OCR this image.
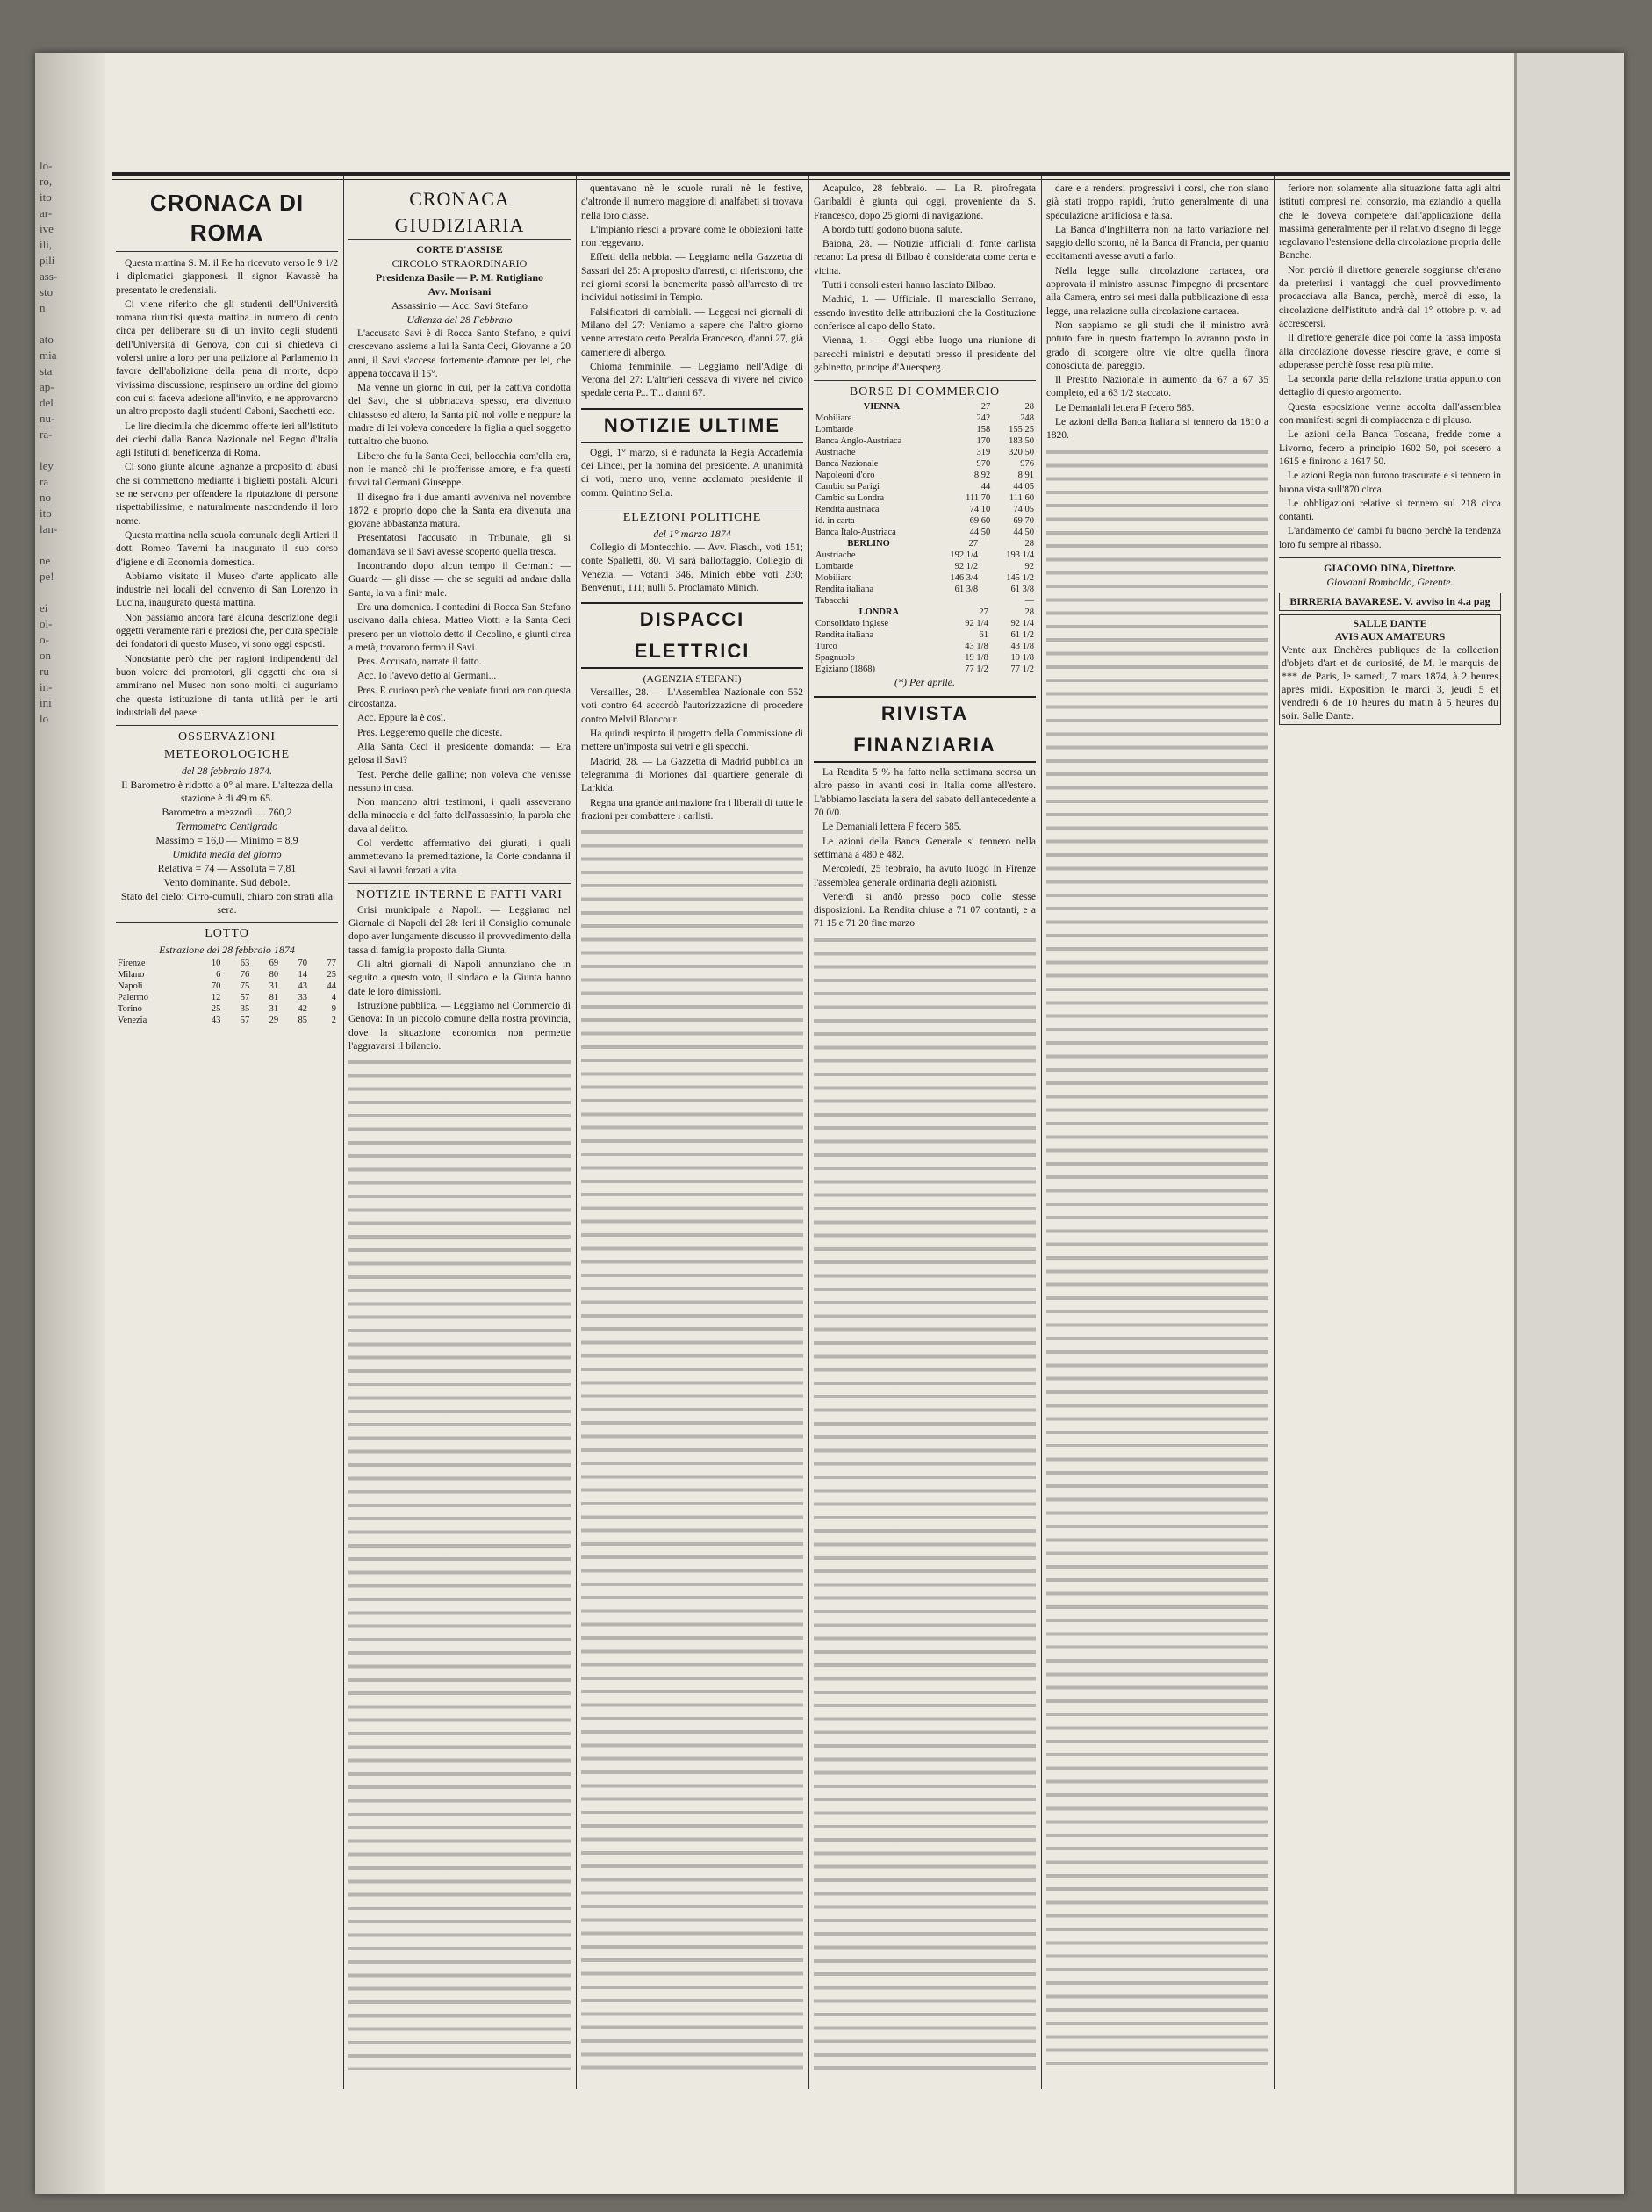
lo-
ro,
ito
ar-
ive
ili,
pili
ass-
sto
n
ato
mia
sta
ap-
del
nu-
ra-
ley
ra
no
ito
lan-
ne
pe!
ei
ol-
o-
on
ru
in-
ini
lo
CRONACA DI ROMA

Questa mattina S. M. il Re ha ricevuto verso le 9 1/2 i diplomatici giapponesi. Il signor Kavassè ha presentato le credenziali.

Ci viene riferito che gli studenti dell'Università romana riunitisi questa mattina in numero di cento circa per deliberare su di un invito degli studenti dell'Università di Genova, con cui si chiedeva di volersi unire a loro per una petizione al Parlamento in favore dell'abolizione della pena di morte, dopo vivissima discussione, respinsero un ordine del giorno con cui si faceva adesione all'invito, e ne approvarono un altro proposto dagli studenti Caboni, Sacchetti ecc.

Le lire diecimila che dicemmo offerte ieri all'Istituto dei ciechi dalla Banca Nazionale nel Regno d'Italia agli Istituti di beneficenza di Roma.

Ci sono giunte alcune lagnanze a proposito di abusi che si commettono mediante i biglietti postali. Alcuni se ne servono per offendere la riputazione di persone rispettabilissime, e naturalmente nascondendo il loro nome.

Questa mattina nella scuola comunale degli Artieri il dott. Romeo Taverni ha inaugurato il suo corso d'igiene e di Economia domestica.

Abbiamo visitato il Museo d'arte applicato alle industrie nei locali del convento di San Lorenzo in Lucina, inaugurato questa mattina.

Non passiamo ancora fare alcuna descrizione degli oggetti veramente rari e preziosi che, per cura speciale dei fondatori di questo Museo, vi sono oggi esposti.

Nonostante però che per ragioni indipendenti dal buon volere dei promotori, gli oggetti che ora si ammirano nel Museo non sono molti, ci auguriamo che questa istituzione di tanta utilità per le arti industriali del paese.

OSSERVAZIONI METEOROLOGICHE
del 28 febbraio 1874.
Il Barometro è ridotto a 0° al mare. L'altezza della stazione è di 49,m 65.
Barometro a mezzodì .... 760,2
Termometro Centigrado
Massimo = 16,0 — Minimo = 8,9
Umidità media del giorno
Relativa = 74 — Assoluta = 7,81
Vento dominante. Sud debole.
Stato del cielo: Cirro-cumuli, chiaro con strati alla sera.
LOTTO
Estrazione del 28 febbraio 1874
Firenze	10	63	69	70	77
Milano	6	76	80	14	25
Napoli	70	75	31	43	44
Palermo	12	57	81	33	4
Torino	25	35	31	42	9
Venezia	43	57	29	85	2
CRONACA GIUDIZIARIA
CORTE D'ASSISE
CIRCOLO STRAORDINARIO
Presidenza Basile — P. M. Rutigliano
Avv. Morisani
Assassinio — Acc. Savi Stefano
Udienza del 28 Febbraio

L'accusato Savi è di Rocca Santo Stefano, e quivi crescevano assieme a lui la Santa Ceci, Giovanne a 20 anni, il Savi s'accese fortemente d'amore per lei, che appena toccava il 15°.

Ma venne un giorno in cui, per la cattiva condotta del Savi, che si ubbriacava spesso, era divenuto chiassoso ed altero, la Santa più nol volle e neppure la madre di lei voleva concedere la figlia a quel soggetto tutt'altro che buono.

Libero che fu la Santa Ceci, bellocchia com'ella era, non le mancò chi le profferisse amore, e fra questi fuvvi tal Germani Giuseppe.

Il disegno fra i due amanti avveniva nel novembre 1872 e proprio dopo che la Santa era divenuta una giovane abbastanza matura.

Presentatosi l'accusato in Tribunale, gli si domandava se il Savi avesse scoperto quella tresca.

Incontrando dopo alcun tempo il Germani: — Guarda — gli disse — che se seguiti ad andare dalla Santa, la va a finir male.

Era una domenica. I contadini di Rocca San Stefano uscivano dalla chiesa. Matteo Viotti e la Santa Ceci presero per un viottolo detto il Cecolino, e giunti circa a metà, trovarono fermo il Savi.

Pres. Accusato, narrate il fatto.

Acc. Io l'avevo detto al Germani...

Pres. E curioso però che veniate fuori ora con questa circostanza.

Acc. Eppure la è così.

Pres. Leggeremo quelle che diceste.

Alla Santa Ceci il presidente domanda: — Era gelosa il Savi?

Test. Perchè delle galline; non voleva che venisse nessuno in casa.

Non mancano altri testimoni, i quali asseverano della minaccia e del fatto dell'assassinio, la parola che dava al delitto.

Col verdetto affermativo dei giurati, i quali ammettevano la premeditazione, la Corte condanna il Savi ai lavori forzati a vita.

NOTIZIE INTERNE E FATTI VARI

Crisi municipale a Napoli. — Leggiamo nel Giornale di Napoli del 28: Ieri il Consiglio comunale dopo aver lungamente discusso il provvedimento della tassa di famiglia proposto dalla Giunta.

Gli altri giornali di Napoli annunziano che in seguito a questo voto, il sindaco e la Giunta hanno date le loro dimissioni.

Istruzione pubblica. — Leggiamo nel Commercio di Genova: In un piccolo comune della nostra provincia, dove la situazione economica non permette l'aggravarsi il bilancio.

quentavano nè le scuole rurali nè le festive, d'altronde il numero maggiore di analfabeti si trovava nella loro classe.

L'impianto riescì a provare come le obbiezioni fatte non reggevano.

Effetti della nebbia. — Leggiamo nella Gazzetta di Sassari del 25: A proposito d'arresti, ci riferiscono, che nei giorni scorsi la benemerita passò all'arresto di tre individui notissimi in Tempio.

Falsificatori di cambiali. — Leggesi nei giornali di Milano del 27: Veniamo a sapere che l'altro giorno venne arrestato certo Peralda Francesco, d'anni 27, già cameriere di albergo.

Chioma femminile. — Leggiamo nell'Adige di Verona del 27: L'altr'ieri cessava di vivere nel civico spedale certa P... T... d'anni 67.

NOTIZIE ULTIME

Oggi, 1° marzo, si è radunata la Regia Accademia dei Lincei, per la nomina del presidente. A unanimità di voti, meno uno, venne acclamato presidente il comm. Quintino Sella.

ELEZIONI POLITICHE
del 1° marzo 1874

Collegio di Montecchio. — Avv. Fiaschi, voti 151; conte Spalletti, 80. Vi sarà ballottaggio. Collegio di Venezia. — Votanti 346. Minich ebbe voti 230; Benvenuti, 111; nulli 5. Proclamato Minich.

DISPACCI ELETTRICI
(AGENZIA STEFANI)

Versailles, 28. — L'Assemblea Nazionale con 552 voti contro 64 accordò l'autorizzazione di procedere contro Melvil Bloncour.

Ha quindi respinto il progetto della Commissione di mettere un'imposta sui vetri e gli specchi.

Madrid, 28. — La Gazzetta di Madrid pubblica un telegramma di Moriones dal quartiere generale di Larkida.

Regna una grande animazione fra i liberali di tutte le frazioni per combattere i carlisti.

Acapulco, 28 febbraio. — La R. pirofregata Garibaldi è giunta qui oggi, proveniente da S. Francesco, dopo 25 giorni di navigazione.

A bordo tutti godono buona salute.

Baiona, 28. — Notizie ufficiali di fonte carlista recano: La presa di Bilbao è considerata come certa e vicina.

Tutti i consoli esteri hanno lasciato Bilbao.

Madrid, 1. — Ufficiale. Il maresciallo Serrano, essendo investito delle attribuzioni che la Costituzione conferisce al capo dello Stato.

Vienna, 1. — Oggi ebbe luogo una riunione di parecchi ministri e deputati presso il presidente del gabinetto, principe d'Auersperg.

BORSE DI COMMERCIO
VIENNA	27	28
Mobiliare	242	248
Lombarde	158	155 25
Banca Anglo-Austriaca	170	183 50
Austriache	319	320 50
Banca Nazionale	970	976
Napoleoni d'oro	8 92	8 91
Cambio su Parigi	44	44 05
Cambio su Londra	111 70	111 60
Rendita austriaca	74 10	74 05
id. in carta	69 60	69 70
Banca Italo-Austriaca	44 50	44 50
BERLINO	27	28
Austriache	192 1/4	193 1/4
Lombarde	92 1/2	92
Mobiliare	146 3/4	145 1/2
Rendita italiana	61 3/8	61 3/8
Tabacchi		—
LONDRA	27	28
Consolidato inglese	92 1/4	92 1/4
Rendita italiana	61	61 1/2
Turco	43 1/8	43 1/8
Spagnuolo	19 1/8	19 1/8
Egiziano (1868)	77 1/2	77 1/2
(*) Per aprile.
RIVISTA FINANZIARIA

La Rendita 5 % ha fatto nella settimana scorsa un altro passo in avanti così in Italia come all'estero. L'abbiamo lasciata la sera del sabato dell'antecedente a 70 0/0.

Le Demaniali lettera F fecero 585.

Le azioni della Banca Generale si tennero nella settimana a 480 e 482.

Mercoledì, 25 febbraio, ha avuto luogo in Firenze l'assemblea generale ordinaria degli azionisti.

Venerdì si andò presso poco colle stesse disposizioni. La Rendita chiuse a 71 07 contanti, e a 71 15 e 71 20 fine marzo.

dare e a rendersi progressivi i corsi, che non siano già stati troppo rapidi, frutto generalmente di una speculazione artificiosa e falsa.

La Banca d'Inghilterra non ha fatto variazione nel saggio dello sconto, nè la Banca di Francia, per quanto eccitamenti avesse avuti a farlo.

Nella legge sulla circolazione cartacea, ora approvata il ministro assunse l'impegno di presentare alla Camera, entro sei mesi dalla pubblicazione di essa legge, una relazione sulla circolazione cartacea.

Non sappiamo se gli studi che il ministro avrà potuto fare in questo frattempo lo avranno posto in grado di scorgere oltre vie oltre quella finora conosciuta del pareggio.

Il Prestito Nazionale in aumento da 67 a 67 35 completo, ed a 63 1/2 staccato.

Le Demaniali lettera F fecero 585.

Le azioni della Banca Italiana si tennero da 1810 a 1820.

feriore non solamente alla situazione fatta agli altri istituti compresi nel consorzio, ma eziandio a quella che le doveva competere dall'applicazione della massima generalmente per il relativo disegno di legge regolavano l'estensione della circolazione propria delle Banche.

Non perciò il direttore generale soggiunse ch'erano da preterirsi i vantaggi che quel provvedimento procacciava alla Banca, perchè, mercè di esso, la circolazione dell'istituto andrà dal 1° ottobre p. v. ad accrescersi.

Il direttore generale dice poi come la tassa imposta alla circolazione dovesse riescire grave, e come si adoperasse perchè fosse resa più mite.

La seconda parte della relazione tratta appunto con dettaglio di questo argomento.

Questa esposizione venne accolta dall'assemblea con manifesti segni di compiacenza e di plauso.

Le azioni della Banca Toscana, fredde come a Livorno, fecero a principio 1602 50, poi scesero a 1615 e finirono a 1617 50.

Le azioni Regia non furono trascurate e si tennero in buona vista sull'870 circa.

Le obbligazioni relative si tennero sul 218 circa contanti.

L'andamento de' cambi fu buono perchè la tendenza loro fu sempre al ribasso.

GIACOMO DINA, Direttore.
Giovanni Rombaldo, Gerente.
BIRRERIA BAVARESE. V. avviso in 4.a pag
SALLE DANTE
AVIS AUX AMATEURS
Vente aux Enchères publiques de la collection d'objets d'art et de curiosité, de M. le marquis de *** de Paris, le samedi, 7 mars 1874, à 2 heures après midi. Exposition le mardi 3, jeudi 5 et vendredi 6 de 10 heures du matin à 5 heures du soir. Salle Dante.
